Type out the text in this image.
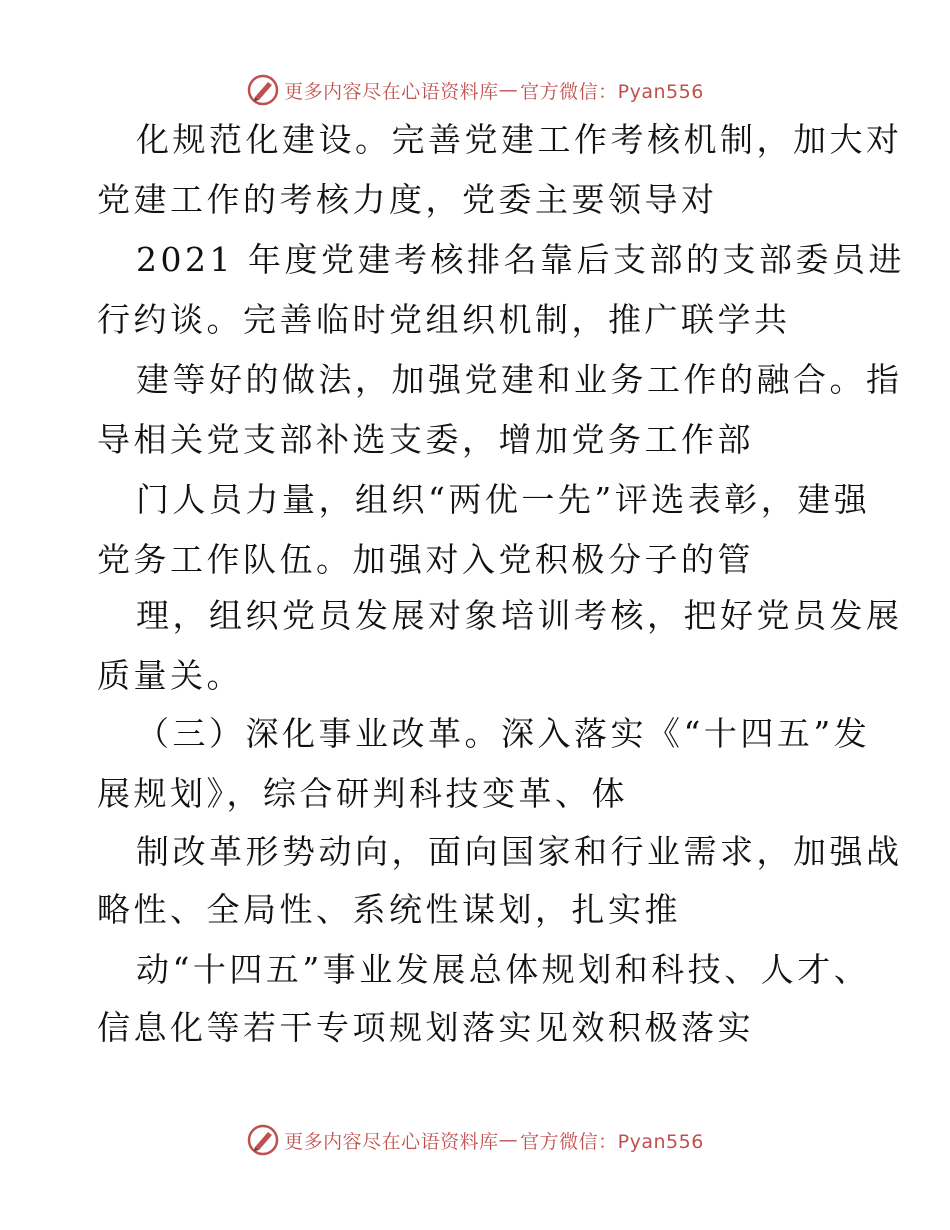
更多内容尽在心语资料库 — 官方微信：Pyan556
化规范化建设。完善党建工作考核机制，加大对
党建工作的考核力度，党委主要领导对
2021 年度党建考核排名靠后支部的支部委员进
行约谈。完善临时党组织机制，推广联学共
建等好的做法，加强党建和业务工作的融合。指
导相关党支部补选支委，增加党务工作部
门人员力量，组织“两优一先”评选表彰，建强
党务工作队伍。加强对入党积极分子的管
理，组织党员发展对象培训考核，把好党员发展
质量关。
（三）深化事业改革。深入落实《“十四五”发
展规划》，综合研判科技变革、体
制改革形势动向，面向国家和行业需求，加强战
略性、全局性、系统性谋划，扎实推
动“十四五”事业发展总体规划和科技、人才、
信息化等若干专项规划落实见效积极落实
更多内容尽在心语资料库 — 官方微信：Pyan556
